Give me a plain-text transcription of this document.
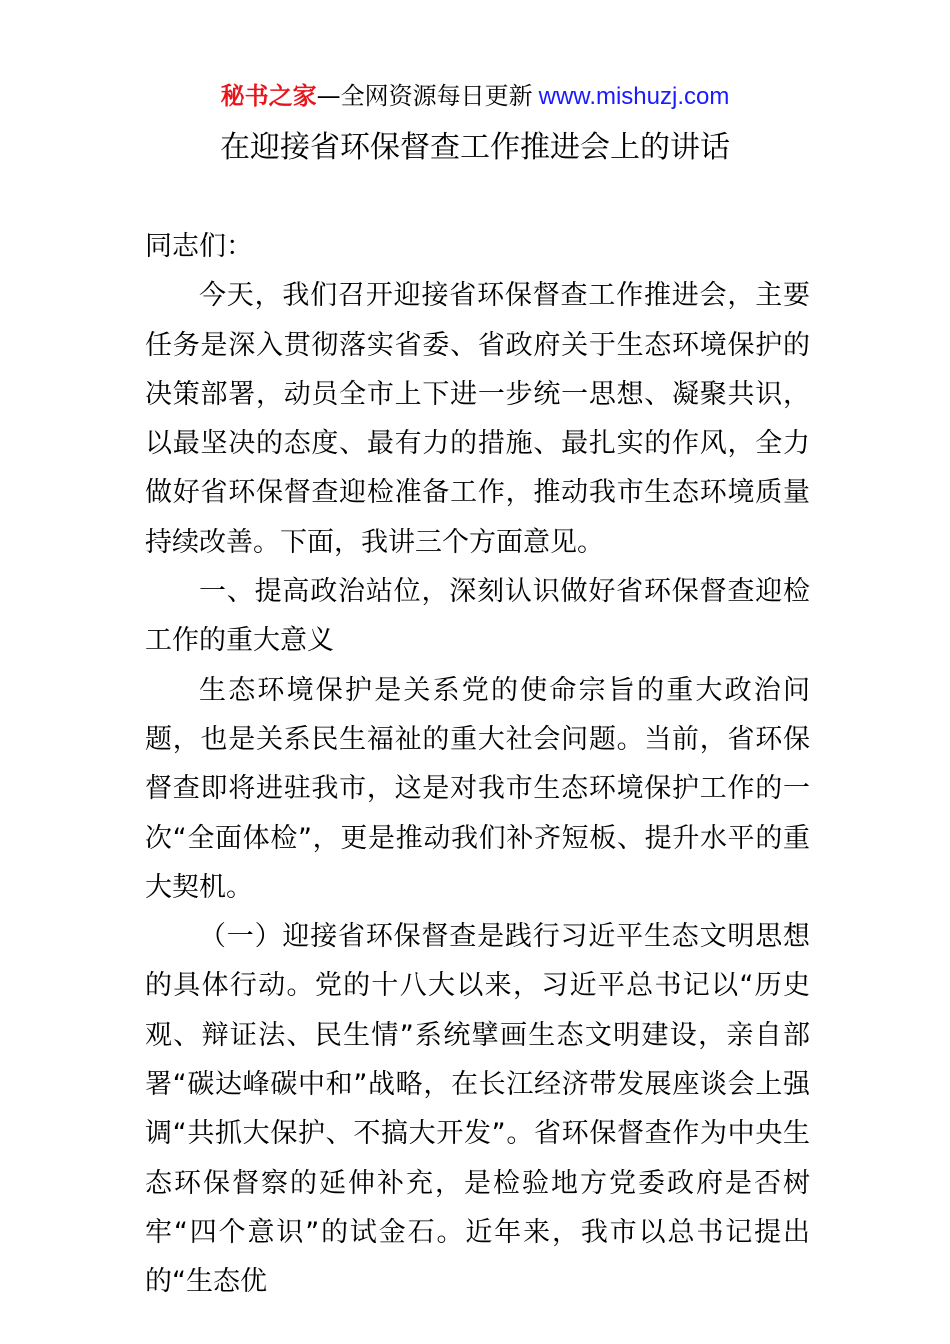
秘书之家—全网资源每日更新 www.mishuzj.com
在迎接省环保督查工作推进会上的讲话

同志们：

今天，我们召开迎接省环保督查工作推进会，主要任务是深入贯彻落实省委、省政府关于生态环境保护的决策部署，动员全市上下进一步统一思想、凝聚共识，以最坚决的态度、最有力的措施、最扎实的作风，全力做好省环保督查迎检准备工作，推动我市生态环境质量持续改善。下面，我讲三个方面意见。

一、提高政治站位，深刻认识做好省环保督查迎检工作的重大意义

生态环境保护是关系党的使命宗旨的重大政治问题，也是关系民生福祉的重大社会问题。当前，省环保督查即将进驻我市，这是对我市生态环境保护工作的一次“全面体检”，更是推动我们补齐短板、提升水平的重大契机。

（一）迎接省环保督查是践行习近平生态文明思想的具体行动。党的十八大以来，习近平总书记以“历史观、辩证法、民生情”系统擘画生态文明建设，亲自部署“碳达峰碳中和”战略，在长江经济带发展座谈会上强调“共抓大保护、不搞大开发”。省环保督查作为中央生态环保督察的延伸补充，是检验地方党委政府是否树牢“四个意识”的试金石。近年来，我市以总书记提出的“生态优
